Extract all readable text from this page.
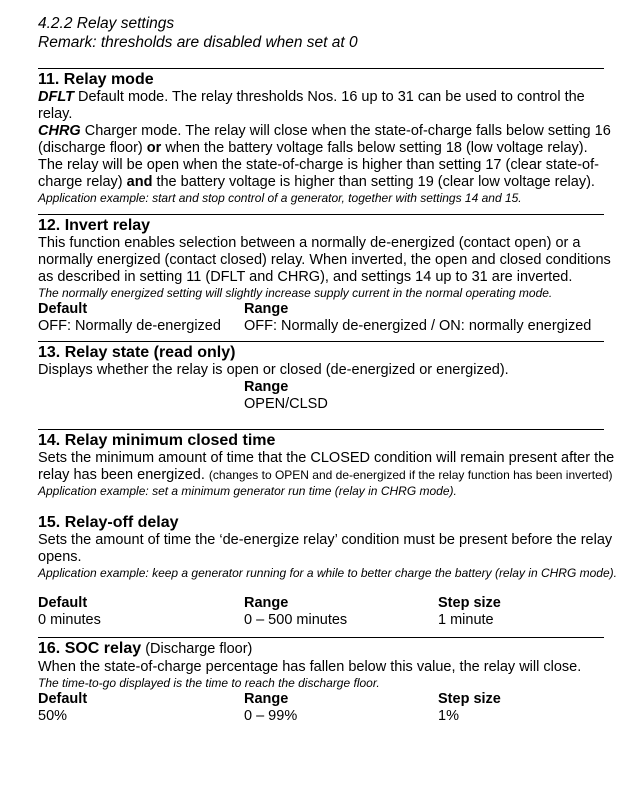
4.2.2 Relay settings
Remark: thresholds are disabled when set at 0
11. Relay mode
DFLT Default mode. The relay thresholds Nos. 16 up to 31 can be used to control the relay.
CHRG Charger mode. The relay will close when the state-of-charge falls below setting 16 (discharge floor) or when the battery voltage falls below setting 18 (low voltage relay).
The relay will be open when the state-of-charge is higher than setting 17 (clear state-of-charge relay) and the battery voltage is higher than setting 19 (clear low voltage relay).
Application example: start and stop control of a generator, together with settings 14 and 15.
12. Invert relay
This function enables selection between a normally de-energized (contact open) or a normally energized (contact closed) relay. When inverted, the open and closed conditions as described in setting 11 (DFLT and CHRG), and settings 14 up to 31 are inverted.
The normally energized setting will slightly increase supply current in the normal operating mode.
Default
OFF: Normally de-energized
Range
OFF: Normally de-energized / ON: normally energized
13. Relay state (read only)
Displays whether the relay is open or closed (de-energized or energized).
Range
OPEN/CLSD
14. Relay minimum closed time
Sets the minimum amount of time that the CLOSED condition will remain present after the relay has been energized. (changes to OPEN and de-energized if the relay function has been inverted)
Application example: set a minimum generator run time (relay in CHRG mode).
15. Relay-off delay
Sets the amount of time the ‘de-energize relay’ condition must be present before the relay opens.
Application example: keep a generator running for a while to better charge the battery (relay in CHRG mode).
Default
0 minutes
Range
0 – 500 minutes
Step size
1 minute
16. SOC relay (Discharge floor)
When the state-of-charge percentage has fallen below this value, the relay will close.
The time-to-go displayed is the time to reach the discharge floor.
Default
50%
Range
0 – 99%
Step size
1%
